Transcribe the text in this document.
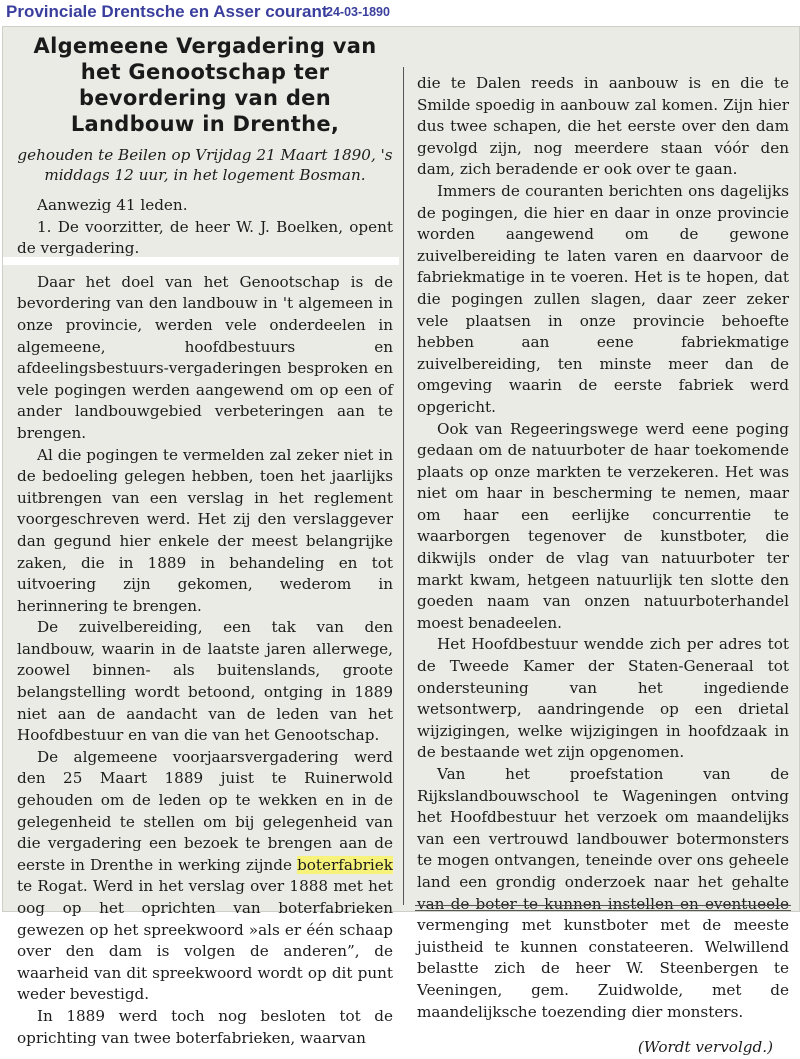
Provinciale Drentsche en Asser courant
24-03-1890
Algemeene Vergadering van het Genootschap ter bevordering van den Landbouw in Drenthe,
gehouden te Beilen op Vrijdag 21 Maart 1890, 's middags 12 uur, in het logement Bosman.

Aanwezig 41 leden.

1. De voorzitter, de heer W. J. Boelken, opent de vergadering.

Daar het doel van het Genootschap is de bevordering van den landbouw in 't algemeen in onze provincie, werden vele onderdeelen in algemeene, hoofdbestuurs en afdeelingsbestuurs-vergaderingen besproken en vele pogingen werden aangewend om op een of ander landbouwgebied verbeteringen aan te brengen.

Al die pogingen te vermelden zal zeker niet in de bedoeling gelegen hebben, toen het jaarlijks uitbrengen van een verslag in het reglement voorgeschreven werd. Het zij den verslaggever dan gegund hier enkele der meest belangrijke zaken, die in 1889 in behandeling en tot uitvoering zijn gekomen, wederom in herinnering te brengen.

De zuivelbereiding, een tak van den landbouw, waarin in de laatste jaren allerwege, zoowel binnen- als buitenslands, groote belangstelling wordt betoond, ontging in 1889 niet aan de aandacht van de leden van het Hoofdbestuur en van die van het Genootschap.

De algemeene voorjaarsvergadering werd den 25 Maart 1889 juist te Ruinerwold gehouden om de leden op te wekken en in de gelegenheid te stellen om bij gelegenheid van die vergadering een bezoek te brengen aan de eerste in Drenthe in werking zijnde boterfabriek te Rogat. Werd in het verslag over 1888 met het oog op het oprichten van boterfabrieken gewezen op het spreekwoord »als er één schaap over den dam is volgen de anderen”, de waarheid van dit spreekwoord wordt op dit punt weder bevestigd.

In 1889 werd toch nog besloten tot de oprichting van twee boterfabrieken, waarvan

die te Dalen reeds in aanbouw is en die te Smilde spoedig in aanbouw zal komen. Zijn hier dus twee schapen, die het eerste over den dam gevolgd zijn, nog meerdere staan vóór den dam, zich beradende er ook over te gaan.

Immers de couranten berichten ons dagelijks de pogingen, die hier en daar in onze provincie worden aangewend om de gewone zuivelbereiding te laten varen en daarvoor de fabriekmatige in te voeren. Het is te hopen, dat die pogingen zullen slagen, daar zeer zeker vele plaatsen in onze provincie behoefte hebben aan eene fabriekmatige zuivelbereiding, ten minste meer dan de omgeving waarin de eerste fabriek werd opgericht.

Ook van Regeeringswege werd eene poging gedaan om de natuurboter de haar toekomende plaats op onze markten te verzekeren. Het was niet om haar in bescherming te nemen, maar om haar een eerlijke concurrentie te waarborgen tegenover de kunstboter, die dikwijls onder de vlag van natuurboter ter markt kwam, hetgeen natuurlijk ten slotte den goeden naam van onzen natuurboterhandel moest benadeelen.

Het Hoofdbestuur wendde zich per adres tot de Tweede Kamer der Staten-Generaal tot ondersteuning van het ingediende wetsontwerp, aandringende op een drietal wijzigingen, welke wijzigingen in hoofdzaak in de bestaande wet zijn opgenomen.

Van het proefstation van de Rijkslandbouwschool te Wageningen ontving het Hoofdbestuur het verzoek om maandelijks van een vertrouwd landbouwer botermonsters te mogen ontvangen, teneinde over ons geheele land een grondig onderzoek naar het gehalte van de boter te kunnen instellen en eventueele vermenging met kunstboter met de meeste juistheid te kunnen constateeren. Welwillend belastte zich de heer W. Steenbergen te Veeningen, gem. Zuidwolde, met de maandelijksche toezending dier monsters.

(Wordt vervolgd.)
